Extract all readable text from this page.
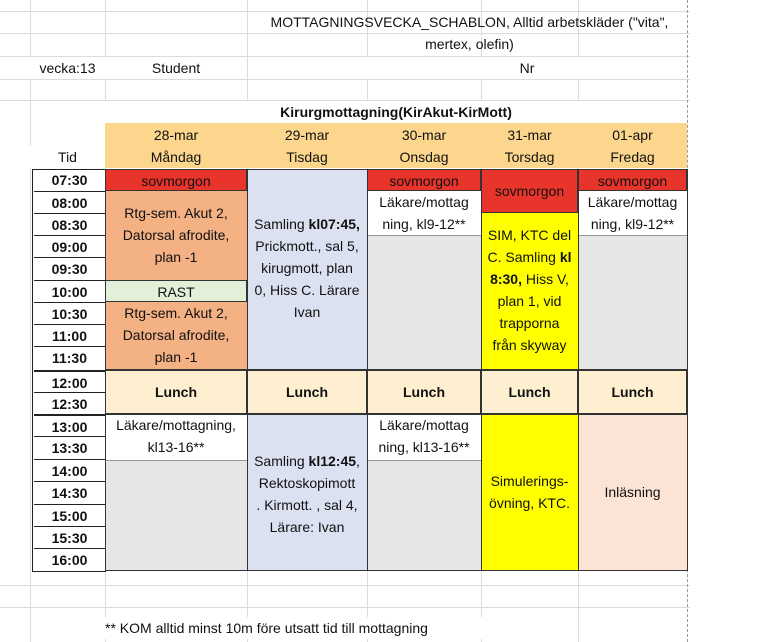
MOTTAGNINGSVECKA_SCHABLON, Alltid arbetskläder ("vita",
mertex, olefin)
vecka:13	Student	Nr
Kirurgmottagning(KirAkut-KirMott)
28-mar
Måndag
29-mar
Tisdag
30-mar
Onsdag
31-mar
Torsdag
01-apr
Fredag
Tid
07:30
08:00
08:30
09:00
09:30
10:00
10:30
11:00
11:30
12:00
12:30
13:00
13:30
14:00
14:30
15:00
15:30
16:00
sovmorgon
Rtg-sem. Akut 2,
Datorsal afrodite,
plan -1
RAST
Rtg-sem. Akut 2,
Datorsal afrodite,
plan -1
Lunch
Läkare/mottagning,
kl13-16**
Samling kl07:45,
Prickmott., sal 5,
kirugmott, plan
0, Hiss C. Lärare
Ivan
Lunch
Samling kl12:45,
Rektoskopimott
. Kirmott. , sal 4,
Lärare: Ivan
sovmorgon
Läkare/mottag
ning, kl9-12**
Lunch
Läkare/mottag
ning, kl13-16**
sovmorgon
SIM, KTC del
C. Samling kl
8:30, Hiss V,
plan 1, vid
trapporna
från skyway
Lunch
Simulerings-
övning, KTC.
sovmorgon
Läkare/mottag
ning, kl9-12**
Lunch
Inläsning
** KOM alltid minst 10m före utsatt tid till mottagning
